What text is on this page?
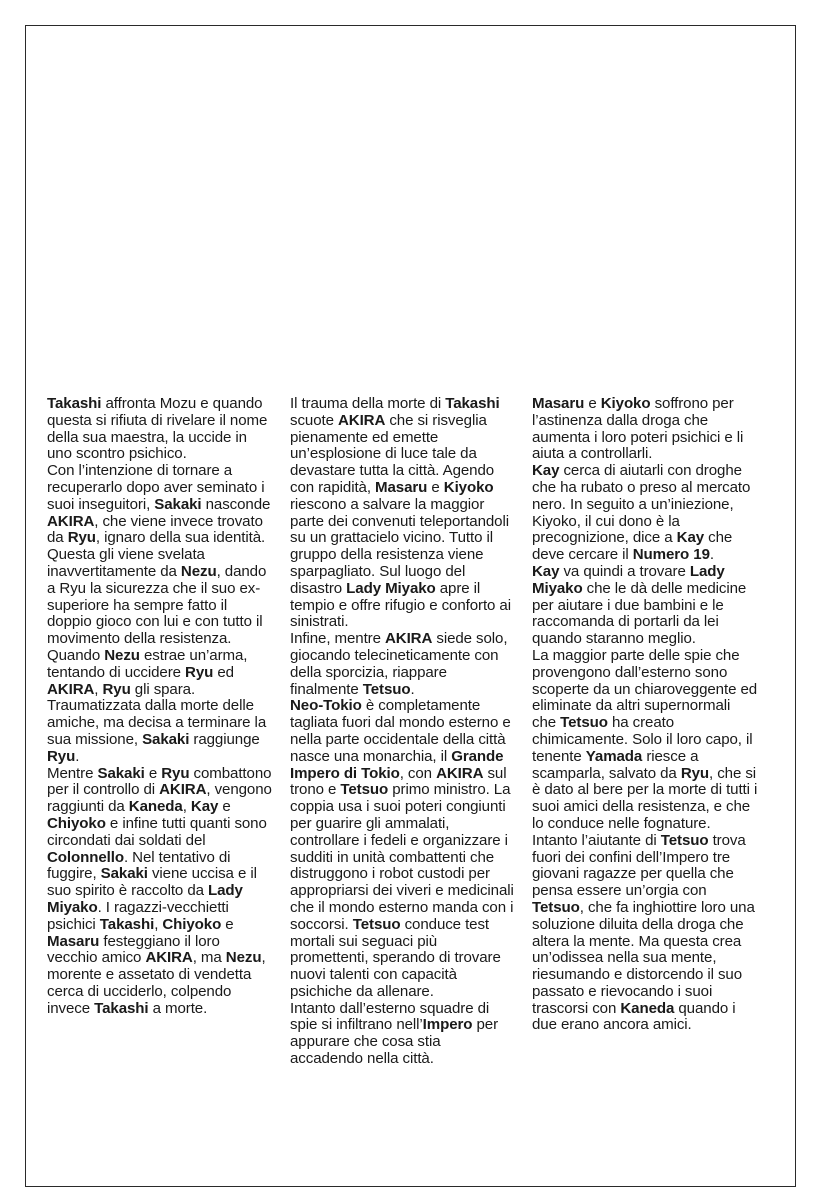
Takashi affronta Mozu e quando questa si rifiuta di rivelare il nome della sua maestra, la uccide in uno scontro psichico.

Con l’intenzione di tornare a recuperarlo dopo aver seminato i suoi inseguitori, Sakaki nasconde AKIRA, che viene invece trovato da Ryu, ignaro della sua identità. Questa gli viene svelata inavvertitamente da Nezu, dando a Ryu la sicurezza che il suo ex-superiore ha sempre fatto il doppio gioco con lui e con tutto il movimento della resistenza. Quando Nezu estrae un’arma, tentando di uccidere Ryu ed AKIRA, Ryu gli spara.

Traumatizzata dalla morte delle amiche, ma decisa a terminare la sua missione, Sakaki raggiunge Ryu.

Mentre Sakaki e Ryu combattono per il controllo di AKIRA, vengono raggiunti da Kaneda, Kay e Chiyoko e infine tutti quanti sono circondati dai soldati del Colonnello. Nel tentativo di fuggire, Sakaki viene uccisa e il suo spirito è raccolto da Lady Miyako. I ragazzi-vecchietti psichici Takashi, Chiyoko e Masaru festeggiano il loro vecchio amico AKIRA, ma Nezu, morente e assetato di vendetta cerca di ucciderlo, colpendo invece Takashi a morte.

Il trauma della morte di Takashi scuote AKIRA che si risveglia pienamente ed emette un’esplosione di luce tale da devastare tutta la città. Agendo con rapidità, Masaru e Kiyoko riescono a salvare la maggior parte dei convenuti teleportandoli su un grattacielo vicino. Tutto il gruppo della resistenza viene sparpagliato. Sul luogo del disastro Lady Miyako apre il tempio e offre rifugio e conforto ai sinistrati.

Infine, mentre AKIRA siede solo, giocando telecineticamente con della sporcizia, riappare finalmente Tetsuo.

Neo-Tokio è completamente tagliata fuori dal mondo esterno e nella parte occidentale della città nasce una monarchia, il Grande Impero di Tokio, con AKIRA sul trono e Tetsuo primo ministro. La coppia usa i suoi poteri congiunti per guarire gli ammalati, controllare i fedeli e organizzare i sudditi in unità combattenti che distruggono i robot custodi per appropriarsi dei viveri e medicinali che il mondo esterno manda con i soccorsi. Tetsuo conduce test mortali sui seguaci più promettenti, sperando di trovare nuovi talenti con capacità psichiche da allenare.

Intanto dall’esterno squadre di spie si infiltrano nell’Impero per appurare che cosa stia accadendo nella città.

Masaru e Kiyoko soffrono per l’astinenza dalla droga che aumenta i loro poteri psichici e li aiuta a controllarli.

Kay cerca di aiutarli con droghe che ha rubato o preso al mercato nero. In seguito a un’iniezione, Kiyoko, il cui dono è la precognizione, dice a Kay che deve cercare il Numero 19.

Kay va quindi a trovare Lady Miyako che le dà delle medicine per aiutare i due bambini e le raccomanda di portarli da lei quando staranno meglio.

La maggior parte delle spie che provengono dall’esterno sono scoperte da un chiaroveggente ed eliminate da altri supernormali che Tetsuo ha creato chimicamente. Solo il loro capo, il tenente Yamada riesce a scamparla, salvato da Ryu, che si è dato al bere per la morte di tutti i suoi amici della resistenza, e che lo conduce nelle fognature.

Intanto l’aiutante di Tetsuo trova fuori dei confini dell’Impero tre giovani ragazze per quella che pensa essere un’orgia con Tetsuo, che fa inghiottire loro una soluzione diluita della droga che altera la mente. Ma questa crea un’odissea nella sua mente, riesumando e distorcendo il suo passato e rievocando i suoi trascorsi con Kaneda quando i due erano ancora amici.
